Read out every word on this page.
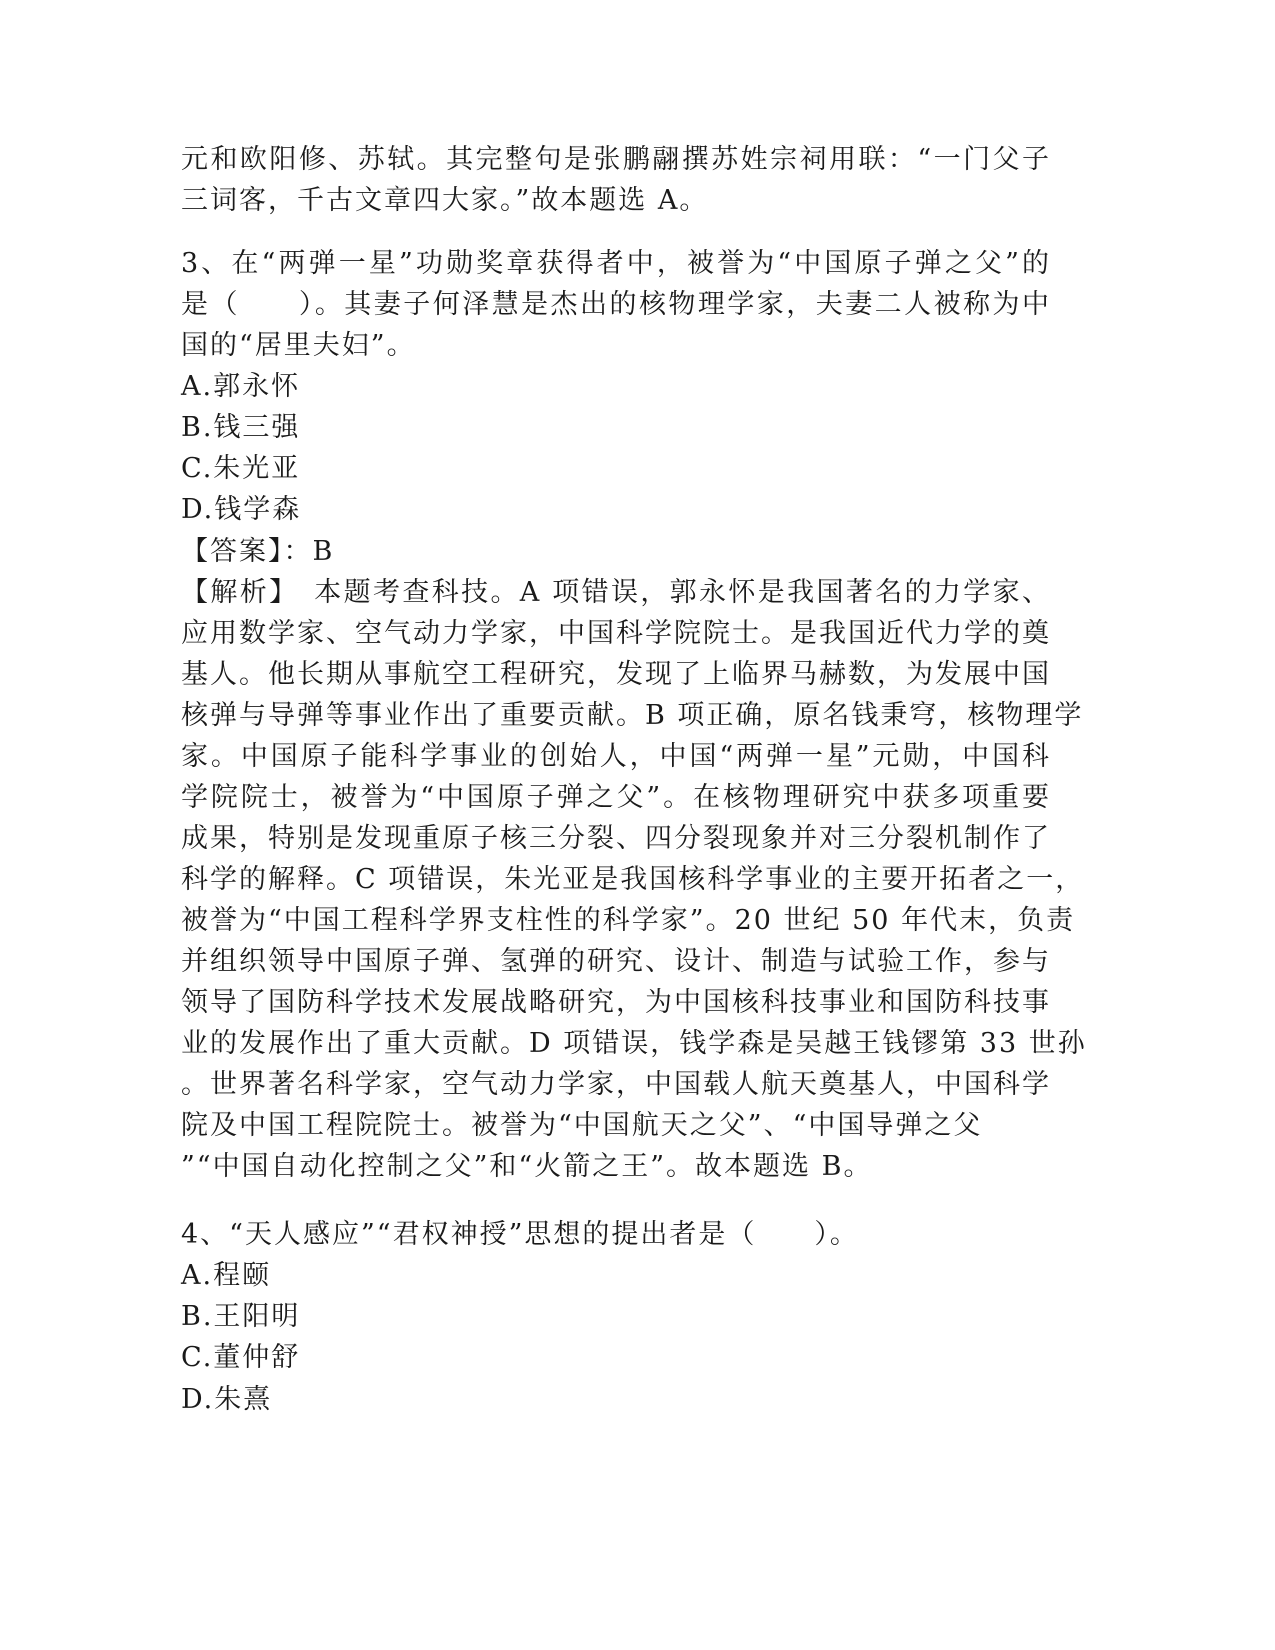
元和欧阳修、苏轼。其完整句是张鹏翮撰苏姓宗祠用联：“一门父子
三词客，千古文章四大家。”故本题选 A。
3、在“两弹一星”功勋奖章获得者中，被誉为“中国原子弹之父”的
是（　　）。其妻子何泽慧是杰出的核物理学家，夫妻二人被称为中
国的“居里夫妇”。
A.郭永怀
B.钱三强
C.朱光亚
D.钱学森
【答案】：B
【解析】　本题考查科技。A 项错误，郭永怀是我国著名的力学家、
应用数学家、空气动力学家，中国科学院院士。是我国近代力学的奠
基人。他长期从事航空工程研究，发现了上临界马赫数，为发展中国
核弹与导弹等事业作出了重要贡献。B 项正确，原名钱秉穹，核物理学
家。中国原子能科学事业的创始人，中国“两弹一星”元勋，中国科
学院院士，被誉为“中国原子弹之父”。在核物理研究中获多项重要
成果，特别是发现重原子核三分裂、四分裂现象并对三分裂机制作了
科学的解释。C 项错误，朱光亚是我国核科学事业的主要开拓者之一，
被誉为“中国工程科学界支柱性的科学家”。20 世纪 50 年代末，负责
并组织领导中国原子弹、氢弹的研究、设计、制造与试验工作，参与
领导了国防科学技术发展战略研究，为中国核科技事业和国防科技事
业的发展作出了重大贡献。D 项错误，钱学森是吴越王钱镠第 33 世孙
。世界著名科学家，空气动力学家，中国载人航天奠基人，中国科学
院及中国工程院院士。被誉为“中国航天之父”、“中国导弹之父
”“中国自动化控制之父”和“火箭之王”。故本题选 B。
4、“天人感应”“君权神授”思想的提出者是（　　）。
A.程颐
B.王阳明
C.董仲舒
D.朱熹
